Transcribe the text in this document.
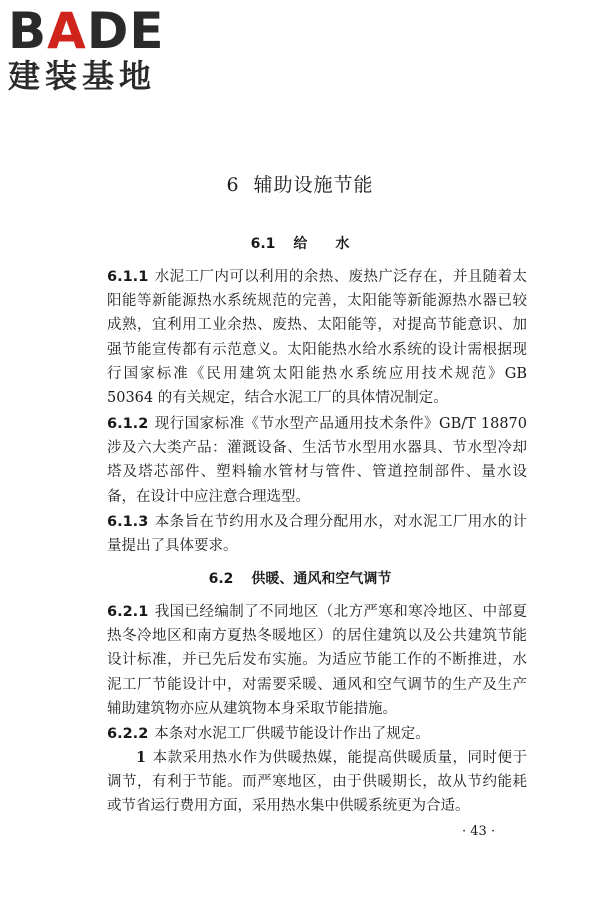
BADE
建装基地
6 辅助设施节能
6.1 给　　水
6.1.1 水泥工厂内可以利用的余热、废热广泛存在，并且随着太阳能等新能源热水系统规范的完善，太阳能等新能源热水器已较成熟，宜利用工业余热、废热、太阳能等，对提高节能意识、加强节能宣传都有示范意义。太阳能热水给水系统的设计需根据现行国家标准《民用建筑太阳能热水系统应用技术规范》GB 50364 的有关规定，结合水泥工厂的具体情况制定。
6.1.2 现行国家标准《节水型产品通用技术条件》GB/T 18870 涉及六大类产品：灌溉设备、生活节水型用水器具、节水型冷却塔及塔芯部件、塑料输水管材与管件、管道控制部件、量水设备，在设计中应注意合理选型。
6.1.3 本条旨在节约用水及合理分配用水，对水泥工厂用水的计量提出了具体要求。
6.2 供暖、通风和空气调节
6.2.1 我国已经编制了不同地区（北方严寒和寒冷地区、中部夏热冬冷地区和南方夏热冬暖地区）的居住建筑以及公共建筑节能设计标准，并已先后发布实施。为适应节能工作的不断推进，水泥工厂节能设计中，对需要采暖、通风和空气调节的生产及生产辅助建筑物亦应从建筑物本身采取节能措施。
6.2.2 本条对水泥工厂供暖节能设计作出了规定。
1 本款采用热水作为供暖热媒，能提高供暖质量，同时便于调节，有利于节能。而严寒地区，由于供暖期长，故从节约能耗或节省运行费用方面，采用热水集中供暖系统更为合适。
· 43 ·
